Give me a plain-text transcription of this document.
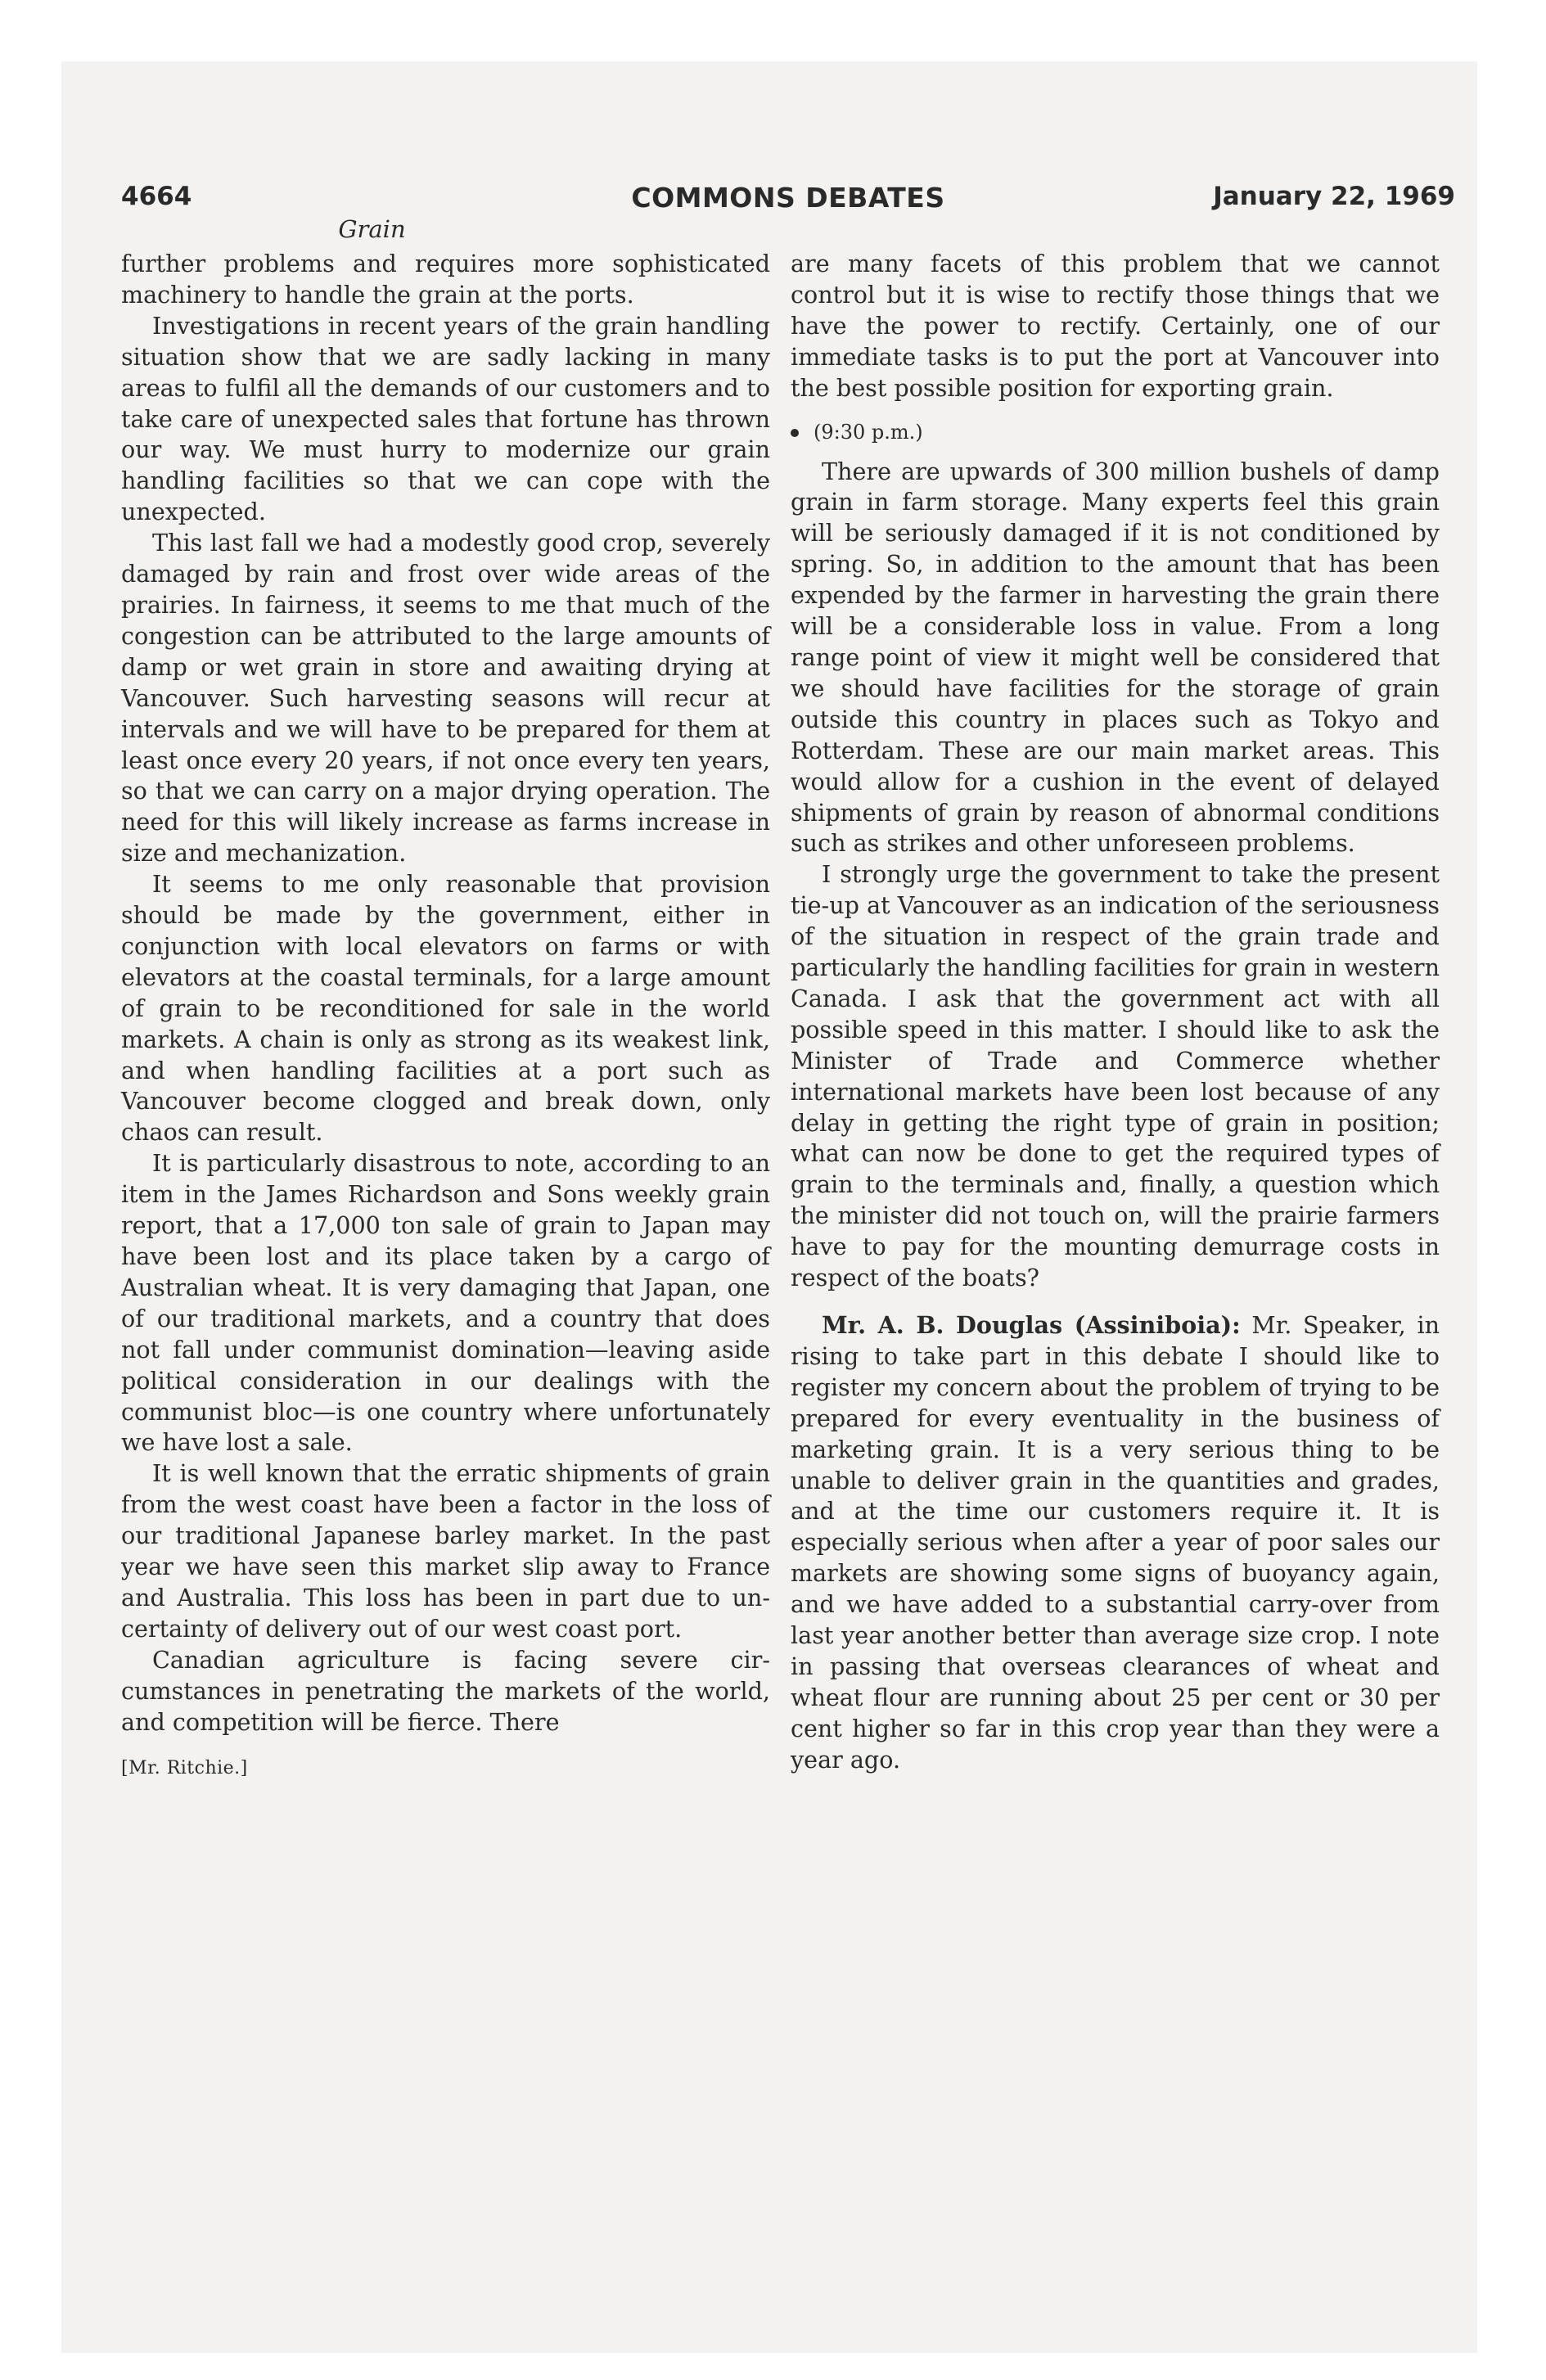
4664	COMMONS DEBATES	January 22, 1969
Grain

further problems and requires more sophisticated machinery to handle the grain at the ports.

Investigations in recent years of the grain handling situation show that we are sadly lacking in many areas to fulfil all the demands of our customers and to take care of unexpected sales that fortune has thrown our way. We must hurry to modernize our grain handling facilities so that we can cope with the unexpected.

This last fall we had a modestly good crop, severely damaged by rain and frost over wide areas of the prairies. In fairness, it seems to me that much of the congestion can be attributed to the large amounts of damp or wet grain in store and awaiting drying at Vancouver. Such harvesting seasons will recur at intervals and we will have to be prepared for them at least once every 20 years, if not once every ten years, so that we can carry on a major drying operation. The need for this will likely increase as farms increase in size and mechanization.

It seems to me only reasonable that provision should be made by the government, either in conjunction with local elevators on farms or with elevators at the coastal terminals, for a large amount of grain to be reconditioned for sale in the world markets. A chain is only as strong as its weakest link, and when handling facilities at a port such as Vancouver become clogged and break down, only chaos can result.

It is particularly disastrous to note, according to an item in the James Richardson and Sons weekly grain report, that a 17,000 ton sale of grain to Japan may have been lost and its place taken by a cargo of Australian wheat. It is very damaging that Japan, one of our traditional markets, and a country that does not fall under communist domination—leaving aside political consideration in our dealings with the communist bloc—is one country where unfortunately we have lost a sale.

It is well known that the erratic shipments of grain from the west coast have been a factor in the loss of our traditional Japanese barley market. In the past year we have seen this market slip away to France and Australia. This loss has been in part due to uncertainty of delivery out of our west coast port.

Canadian agriculture is facing severe circumstances in penetrating the markets of the world, and competition will be fierce. There

[Mr. Ritchie.]

are many facets of this problem that we cannot control but it is wise to rectify those things that we have the power to rectify. Certainly, one of our immediate tasks is to put the port at Vancouver into the best possible position for exporting grain.

(9:30 p.m.)

There are upwards of 300 million bushels of damp grain in farm storage. Many experts feel this grain will be seriously damaged if it is not conditioned by spring. So, in addition to the amount that has been expended by the farmer in harvesting the grain there will be a considerable loss in value. From a long range point of view it might well be considered that we should have facilities for the storage of grain outside this country in places such as Tokyo and Rotterdam. These are our main market areas. This would allow for a cushion in the event of delayed shipments of grain by reason of abnormal conditions such as strikes and other unforeseen problems.

I strongly urge the government to take the present tie-up at Vancouver as an indication of the seriousness of the situation in respect of the grain trade and particularly the handling facilities for grain in western Canada. I ask that the government act with all possible speed in this matter. I should like to ask the Minister of Trade and Commerce whether international markets have been lost because of any delay in getting the right type of grain in position; what can now be done to get the required types of grain to the terminals and, finally, a question which the minister did not touch on, will the prairie farmers have to pay for the mounting demurrage costs in respect of the boats?

Mr. A. B. Douglas (Assiniboia): Mr. Speaker, in rising to take part in this debate I should like to register my concern about the problem of trying to be prepared for every eventuality in the business of marketing grain. It is a very serious thing to be unable to deliver grain in the quantities and grades, and at the time our customers require it. It is especially serious when after a year of poor sales our markets are showing some signs of buoyancy again, and we have added to a substantial carry-over from last year another better than average size crop. I note in passing that overseas clearances of wheat and wheat flour are running about 25 per cent or 30 per cent higher so far in this crop year than they were a year ago.
